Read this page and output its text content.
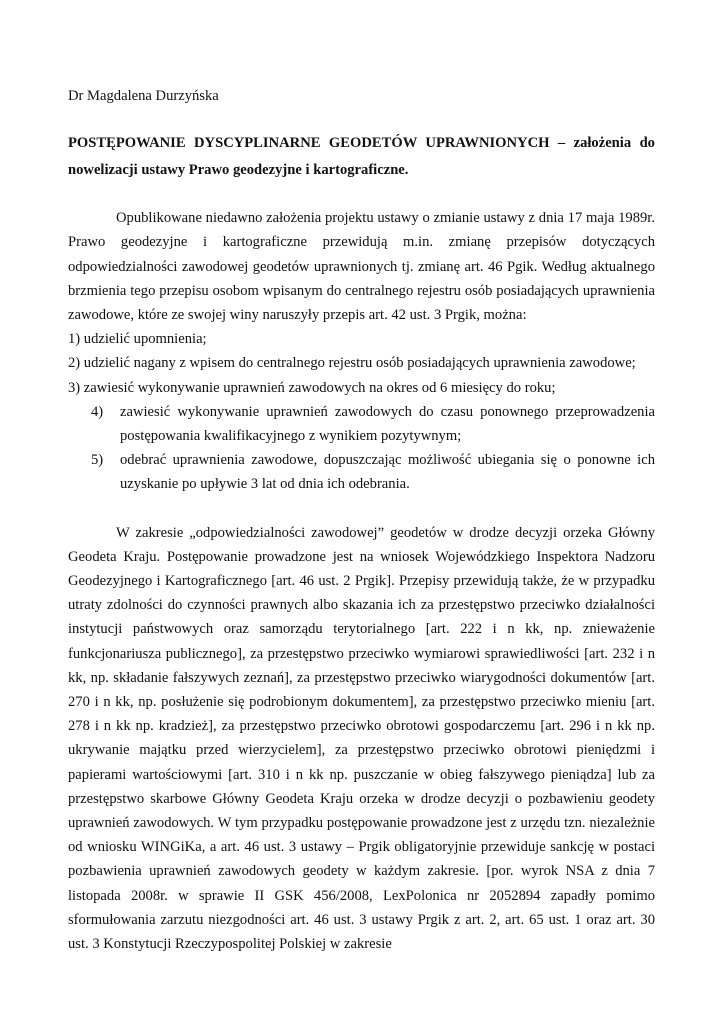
Dr Magdalena Durzyńska
POSTĘPOWANIE DYSCYPLINARNE GEODETÓW UPRAWNIONYCH – założenia do nowelizacji ustawy Prawo geodezyjne i kartograficzne.

Opublikowane niedawno założenia projektu ustawy o zmianie ustawy z dnia 17 maja 1989r. Prawo geodezyjne i kartograficzne przewidują m.in. zmianę przepisów dotyczących odpowiedzialności zawodowej geodetów uprawnionych tj. zmianę art. 46 Pgik. Według aktualnego brzmienia tego przepisu osobom wpisanym do centralnego rejestru osób posiadających uprawnienia zawodowe, które ze swojej winy naruszyły przepis art. 42 ust. 3 Prgik, można:

1) udzielić upomnienia;
2) udzielić nagany z wpisem do centralnego rejestru osób posiadających uprawnienia zawodowe;
3) zawiesić wykonywanie uprawnień zawodowych na okres od 6 miesięcy do roku;
4) zawiesić wykonywanie uprawnień zawodowych do czasu ponownego przeprowadzenia postępowania kwalifikacyjnego z wynikiem pozytywnym;
5) odebrać uprawnienia zawodowe, dopuszczając możliwość ubiegania się o ponowne ich uzyskanie po upływie 3 lat od dnia ich odebrania.

W zakresie „odpowiedzialności zawodowej” geodetów w drodze decyzji orzeka Główny Geodeta Kraju. Postępowanie prowadzone jest na wniosek Wojewódzkiego Inspektora Nadzoru Geodezyjnego i Kartograficznego [art. 46 ust. 2 Prgik]. Przepisy przewidują także, że w przypadku utraty zdolności do czynności prawnych albo skazania ich za przestępstwo przeciwko działalności instytucji państwowych oraz samorządu terytorialnego [art. 222 i n kk, np. znieważenie funkcjonariusza publicznego], za przestępstwo przeciwko wymiarowi sprawiedliwości [art. 232 i n kk, np. składanie fałszywych zeznań], za przestępstwo przeciwko wiarygodności dokumentów [art. 270 i n kk, np. posłużenie się podrobionym dokumentem], za przestępstwo przeciwko mieniu [art. 278 i n kk np. kradzież], za przestępstwo przeciwko obrotowi gospodarczemu [art. 296 i n kk np. ukrywanie majątku przed wierzycielem], za przestępstwo przeciwko obrotowi pieniędzmi i papierami wartościowymi [art. 310 i n kk np. puszczanie w obieg fałszywego pieniądza] lub za przestępstwo skarbowe Główny Geodeta Kraju orzeka w drodze decyzji o pozbawieniu geodety uprawnień zawodowych. W tym przypadku postępowanie prowadzone jest z urzędu tzn. niezależnie od wniosku WINGiKa, a art. 46 ust. 3 ustawy – Prgik obligatoryjnie przewiduje sankcję w postaci pozbawienia uprawnień zawodowych geodety w każdym zakresie. [por. wyrok NSA z dnia 7 listopada 2008r. w sprawie II GSK 456/2008, LexPolonica nr 2052894 zapadły pomimo sformułowania zarzutu niezgodności art. 46 ust. 3 ustawy Prgik z art. 2, art. 65 ust. 1 oraz art. 30 ust. 3 Konstytucji Rzeczypospolitej Polskiej w zakresie
